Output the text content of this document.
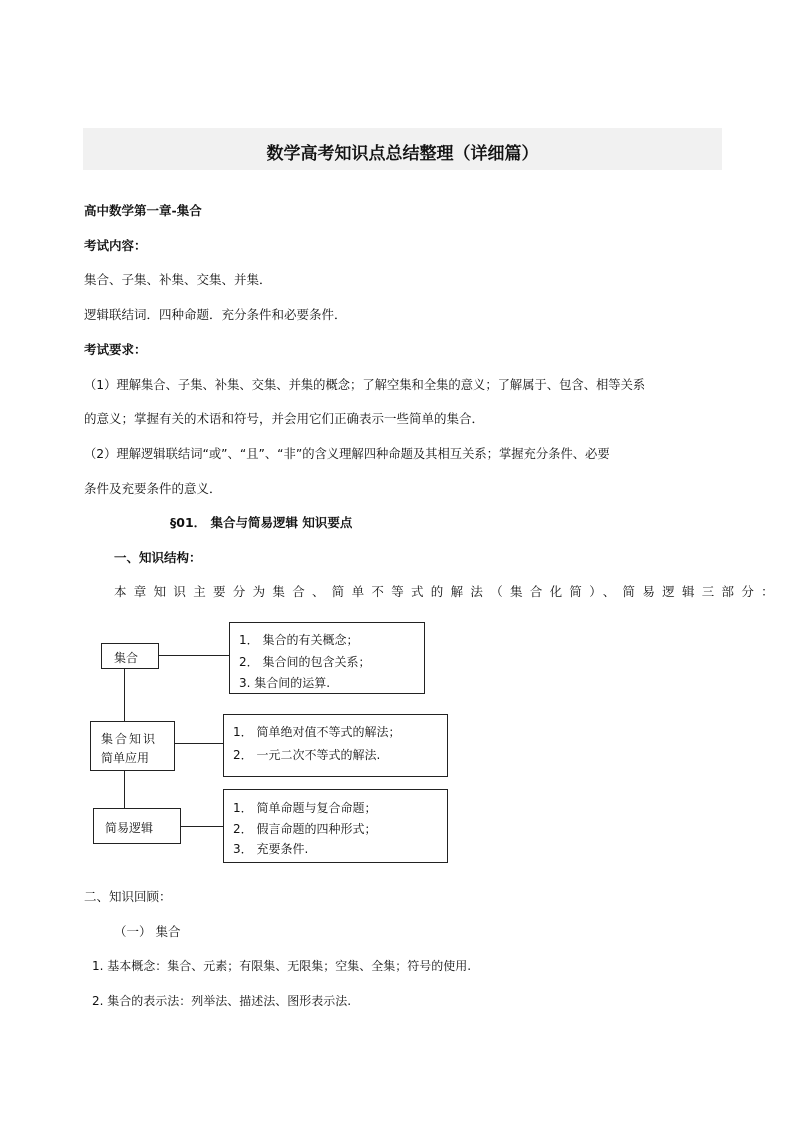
数学高考知识点总结整理（详细篇）
高中数学第一章-集合
考试内容：
集合、子集、补集、交集、并集．
逻辑联结词．四种命题．充分条件和必要条件．
考试要求：
（1）理解集合、子集、补集、交集、并集的概念；了解空集和全集的意义；了解属于、包含、相等关系
的意义；掌握有关的术语和符号，并会用它们正确表示一些简单的集合．
（2）理解逻辑联结词“或”、“且”、“非”的含义理解四种命题及其相互关系；掌握充分条件、必要
条件及充要条件的意义．
§01． 集合与简易逻辑 知识要点
一、知识结构：
本章知识主要分为集合、简单不等式的解法（集合化简）、简易逻辑三部分：
集合
集合知识
简单应用
简易逻辑
1． 集合的有关概念；
2． 集合间的包含关系；
3. 集合间的运算.
1． 简单绝对值不等式的解法；
2． 一元二次不等式的解法.
1． 简单命题与复合命题；
2． 假言命题的四种形式；
3． 充要条件.
二、知识回顾：
（一） 集合
1. 基本概念：集合、元素；有限集、无限集；空集、全集；符号的使用.
2. 集合的表示法：列举法、描述法、图形表示法.
